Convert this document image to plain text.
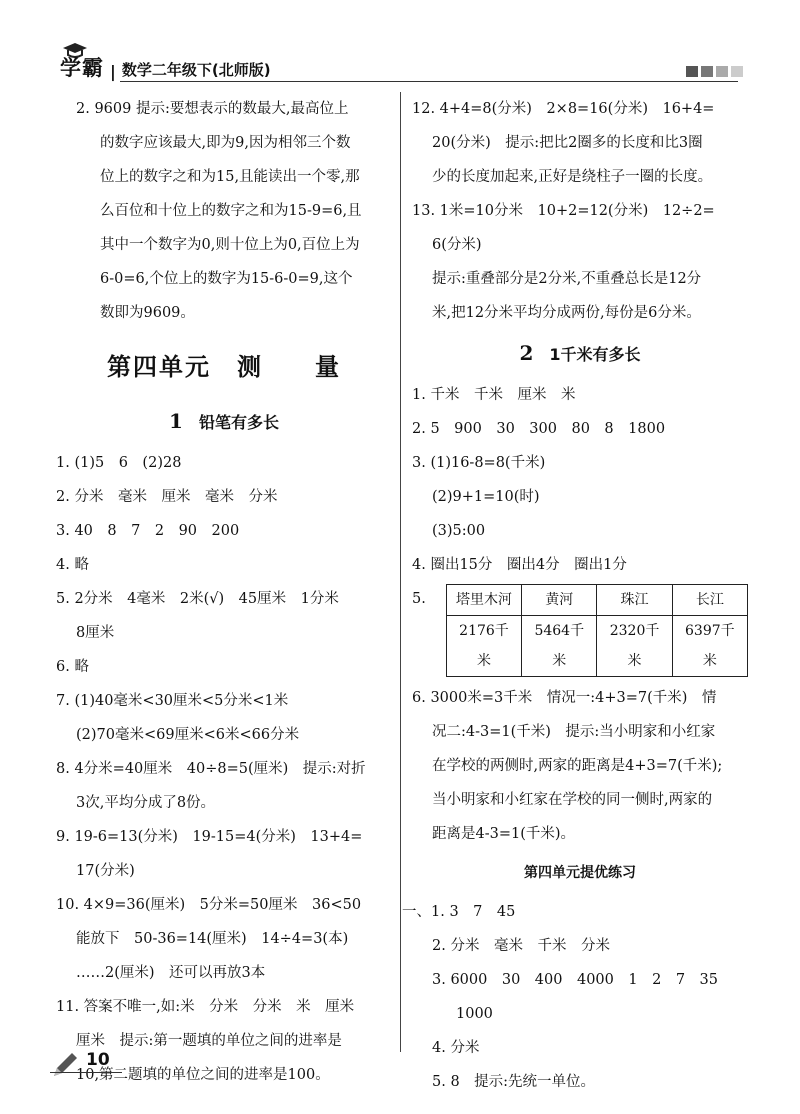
学霸 | 数学二年级下(北师版)
2. 9609 提示:要想表示的数最大,最高位上
的数字应该最大,即为9,因为相邻三个数
位上的数字之和为15,且能读出一个零,那
么百位和十位上的数字之和为15-9=6,且
其中一个数字为0,则十位上为0,百位上为
6-0=6,个位上的数字为15-6-0=9,这个
数即为9609。
第四单元　测　　量
1 铅笔有多长
1. (1)5　6　(2)28
2. 分米　毫米　厘米　毫米　分米
3. 40　8　7　2　90　200
4. 略
5. 2分米　4毫米　2米(√)　45厘米　1分米
8厘米
6. 略
7. (1)40毫米<30厘米<5分米<1米
(2)70毫米<69厘米<6米<66分米
8. 4分米=40厘米　40÷8=5(厘米)　提示:对折
3次,平均分成了8份。
9. 19-6=13(分米)　19-15=4(分米)　13+4=
17(分米)
10. 4×9=36(厘米)　5分米=50厘米　36<50
能放下　50-36=14(厘米)　14÷4=3(本)
……2(厘米)　还可以再放3本
11. 答案不唯一,如:米　分米　分米　米　厘米
厘米　提示:第一题填的单位之间的进率是
10,第二题填的单位之间的进率是100。
12. 4+4=8(分米)　2×8=16(分米)　16+4=
20(分米)　提示:把比2圈多的长度和比3圈
少的长度加起来,正好是绕柱子一圈的长度。
13. 1米=10分米　10+2=12(分米)　12÷2=
6(分米)
提示:重叠部分是2分米,不重叠总长是12分
米,把12分米平均分成两份,每份是6分米。
2 1千米有多长
1. 千米　千米　厘米　米
2. 5　900　30　300　80　8　1800
3. (1)16-8=8(千米)
(2)9+1=10(时)
(3)5:00
4. 圈出15分　圈出4分　圈出1分
5. 塔里木河	黄河	珠江	长江
2176千米	5464千米	2320千米	6397千米
6. 3000米=3千米　情况一:4+3=7(千米)　情
况二:4-3=1(千米)　提示:当小明家和小红家
在学校的两侧时,两家的距离是4+3=7(千米);
当小明家和小红家在学校的同一侧时,两家的
距离是4-3=1(千米)。
第四单元提优练习
一、1. 3　7　45
2. 分米　毫米　千米　分米
3. 6000　30　400　4000　1　2　7　35
1000
4. 分米
5. 8　提示:先统一单位。
10
